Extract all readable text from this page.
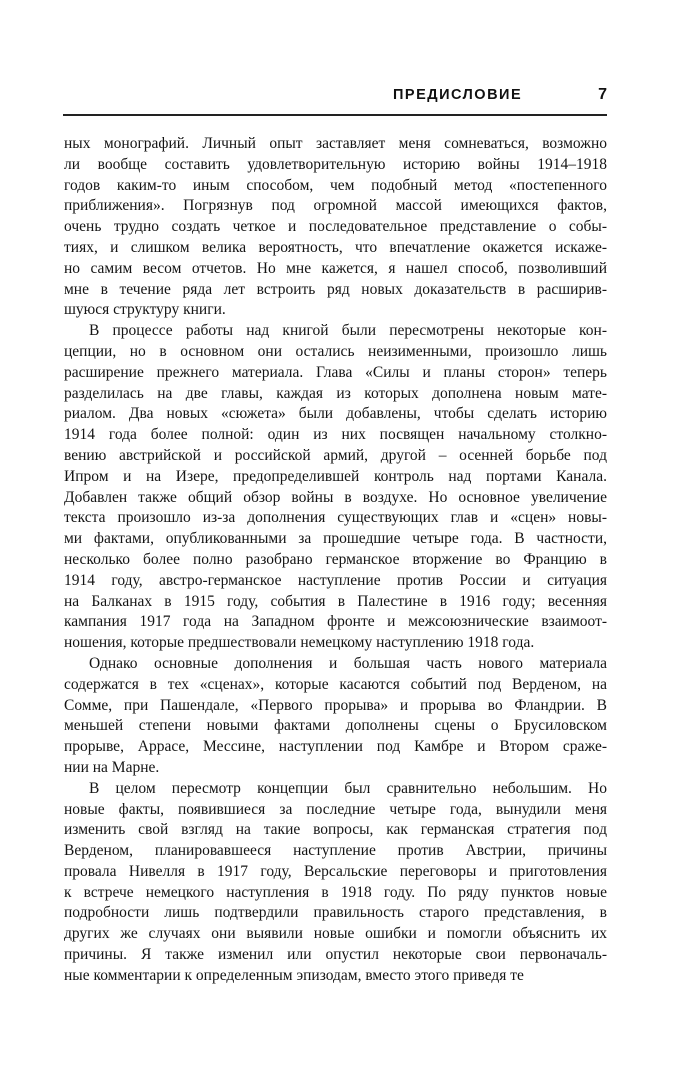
ПРЕДИСЛОВИЕ	7
ных монографий. Личный опыт заставляет меня сомневаться, возможно
ли вообще составить удовлетворительную историю войны 1914–1918
годов каким-то иным способом, чем подобный метод «постепенного
приближения». Погрязнув под огромной массой имеющихся фактов,
очень трудно создать четкое и последовательное представление о собы-
тиях, и слишком велика вероятность, что впечатление окажется искаже-
но самим весом отчетов. Но мне кажется, я нашел способ, позволивший
мне в течение ряда лет встроить ряд новых доказательств в расширив-
шуюся структуру книги.
В процессе работы над книгой были пересмотрены некоторые кон-
цепции, но в основном они остались неизименными, произошло лишь
расширение прежнего материала. Глава «Силы и планы сторон» теперь
разделилась на две главы, каждая из которых дополнена новым мате-
риалом. Два новых «сюжета» были добавлены, чтобы сделать историю
1914 года более полной: один из них посвящен начальному столкно-
вению австрийской и российской армий, другой – осенней борьбе под
Ипром и на Изере, предопределившей контроль над портами Канала.
Добавлен также общий обзор войны в воздухе. Но основное увеличение
текста произошло из-за дополнения существующих глав и «сцен» новы-
ми фактами, опубликованными за прошедшие четыре года. В частности,
несколько более полно разобрано германское вторжение во Францию в
1914 году, австро-германское наступление против России и ситуация
на Балканах в 1915 году, события в Палестине в 1916 году; весенняя
кампания 1917 года на Западном фронте и межсоюзнические взаимоот-
ношения, которые предшествовали немецкому наступлению 1918 года.
Однако основные дополнения и большая часть нового материала
содержатся в тех «сценах», которые касаются событий под Верденом, на
Сомме, при Пашендале, «Первого прорыва» и прорыва во Фландрии. В
меньшей степени новыми фактами дополнены сцены о Брусиловском
прорыве, Аррасе, Мессине, наступлении под Камбре и Втором сраже-
нии на Марне.
В целом пересмотр концепции был сравнительно небольшим. Но
новые факты, появившиеся за последние четыре года, вынудили меня
изменить свой взгляд на такие вопросы, как германская стратегия под
Верденом, планировавшееся наступление против Австрии, причины
провала Нивелля в 1917 году, Версальские переговоры и приготовления
к встрече немецкого наступления в 1918 году. По ряду пунктов новые
подробности лишь подтвердили правильность старого представления, в
других же случаях они выявили новые ошибки и помогли объяснить их
причины. Я также изменил или опустил некоторые свои первоначаль-
ные комментарии к определенным эпизодам, вместо этого приведя те
